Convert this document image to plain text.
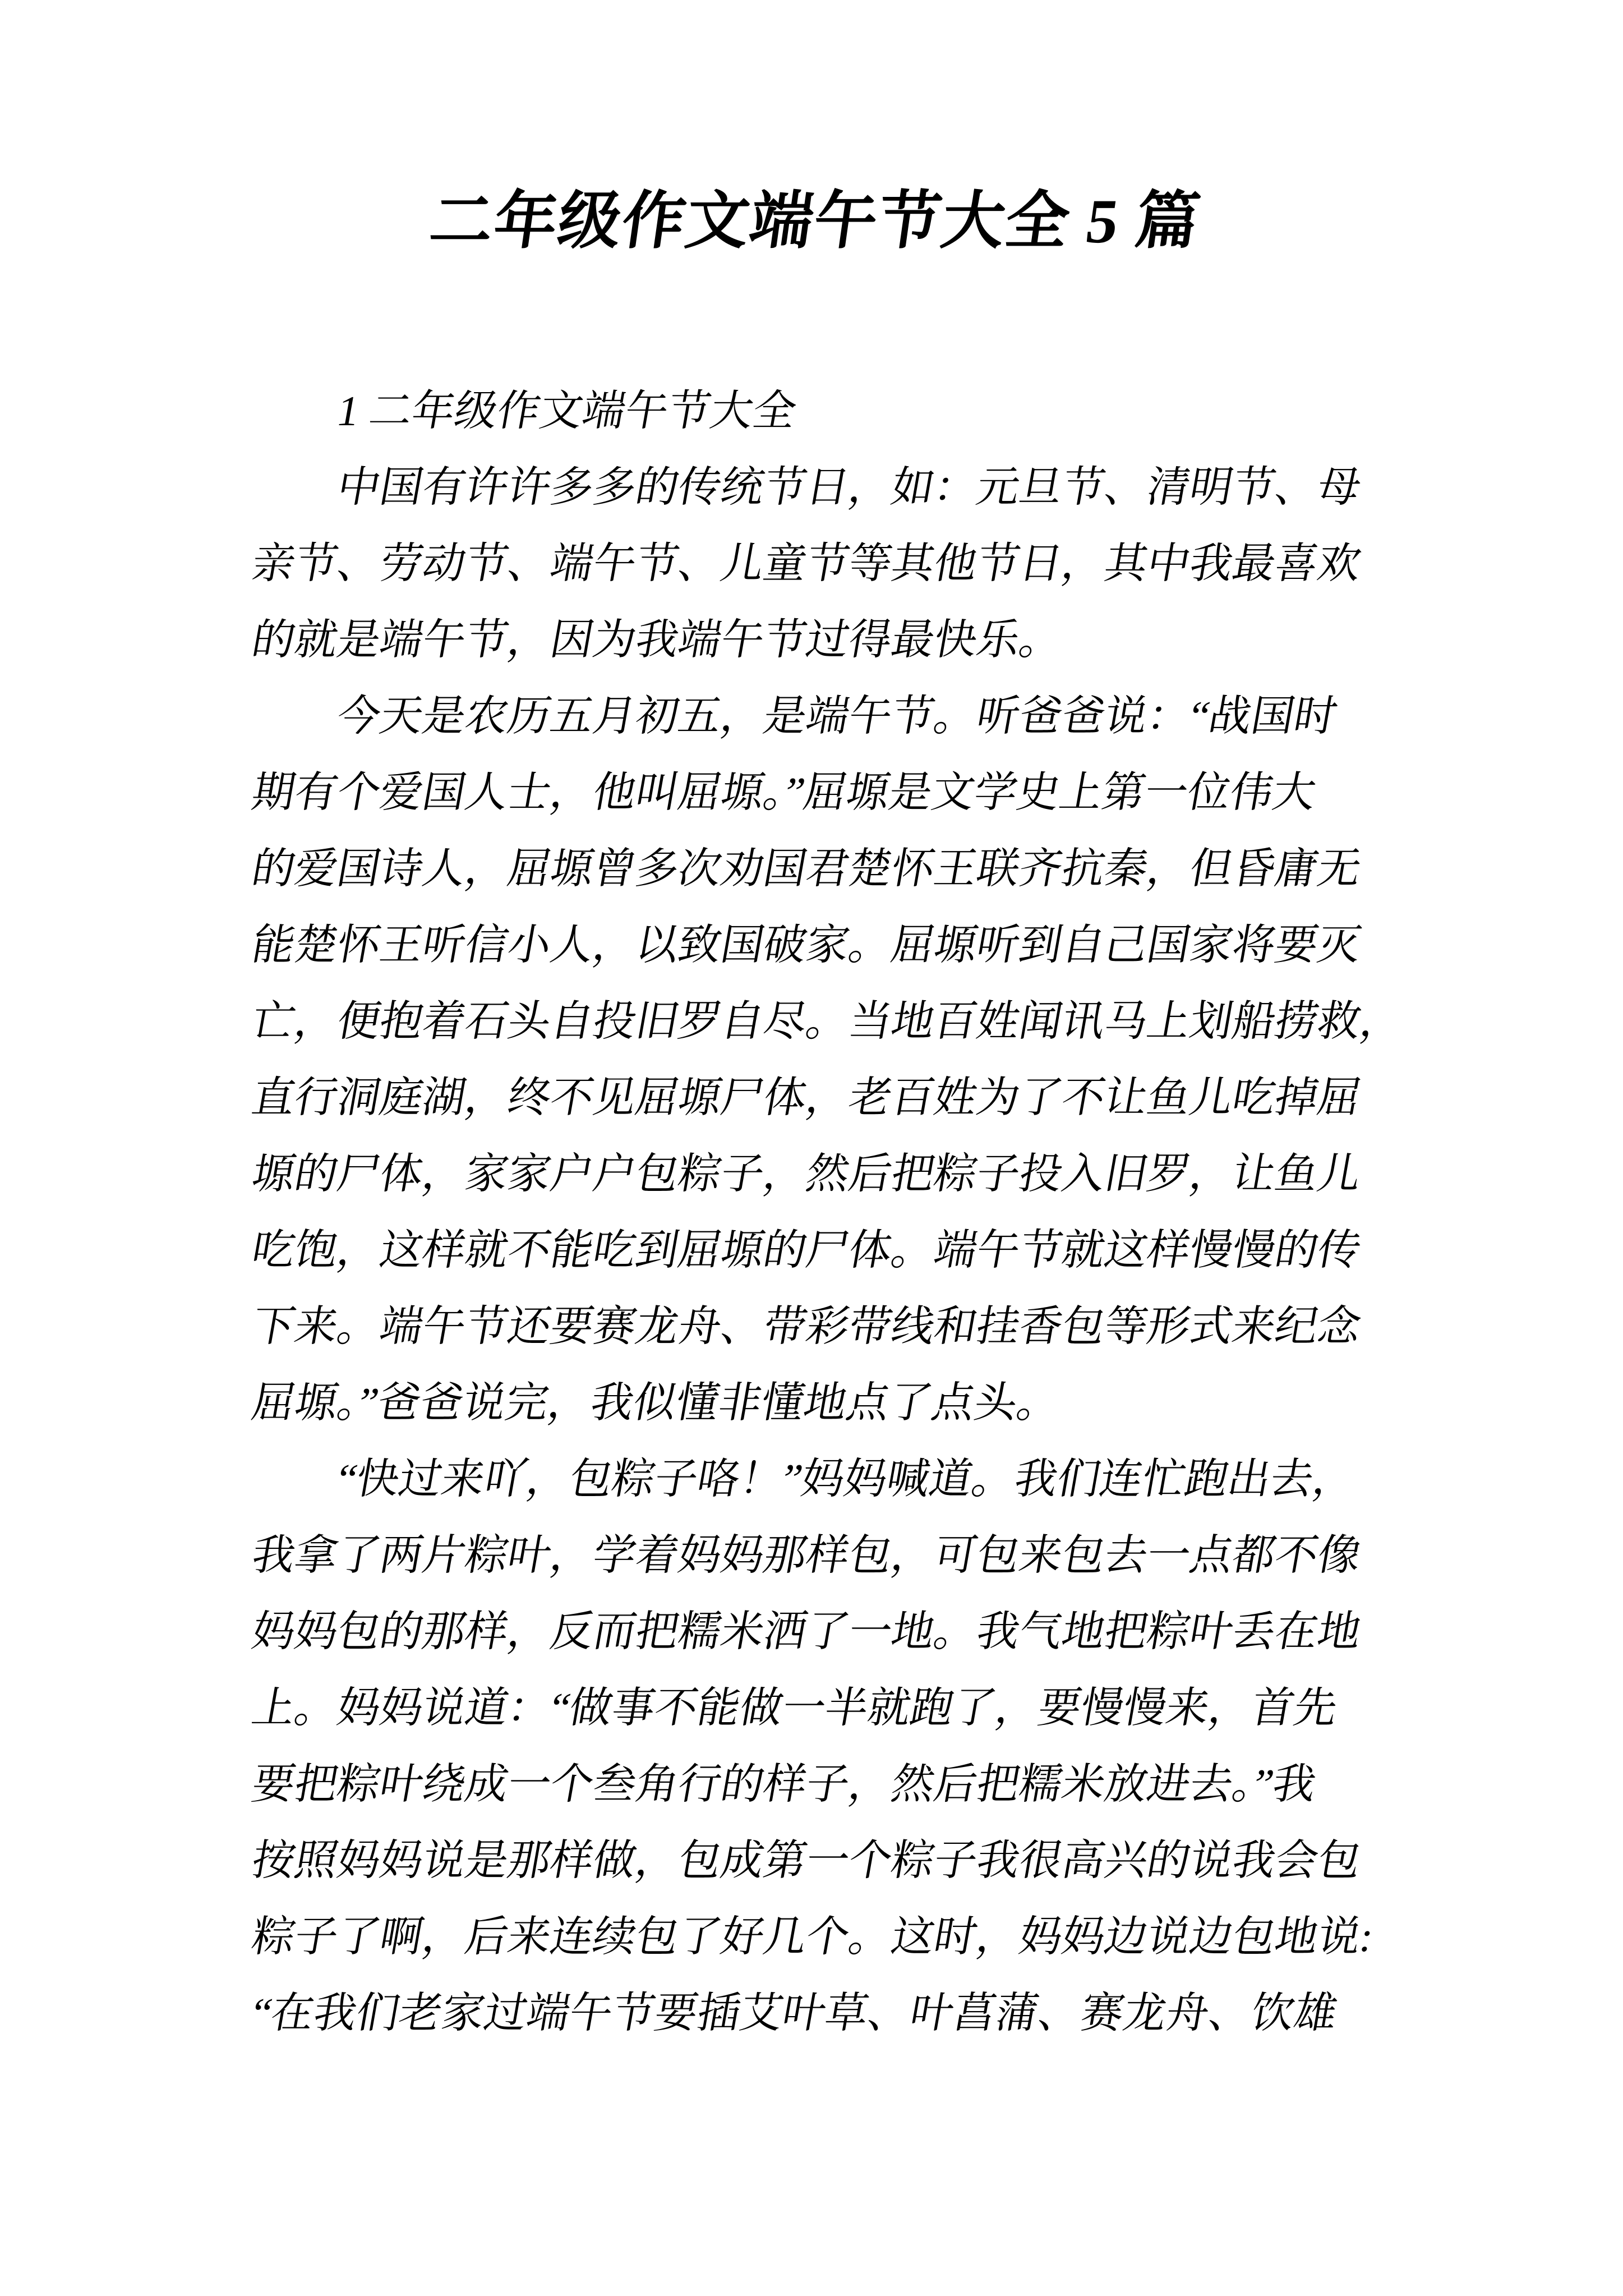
二年级作文端午节大全 5 篇
1 二年级作文端午节大全
中国有许许多多的传统节日，如：元旦节、清明节、母
亲节、劳动节、端午节、儿童节等其他节日，其中我最喜欢
的就是端午节，因为我端午节过得最快乐。
今天是农历五月初五，是端午节。听爸爸说：“战国时
期有个爱国人士，他叫屈塬。”屈塬是文学史上第一位伟大
的爱国诗人，屈塬曾多次劝国君楚怀王联齐抗秦，但昏庸无
能楚怀王听信小人，以致国破家。屈塬听到自己国家将要灭
亡，便抱着石头自投旧罗自尽。当地百姓闻讯马上划船捞救，
直行洞庭湖，终不见屈塬尸体，老百姓为了不让鱼儿吃掉屈
塬的尸体，家家户户包粽子，然后把粽子投入旧罗，让鱼儿
吃饱，这样就不能吃到屈塬的尸体。端午节就这样慢慢的传
下来。端午节还要赛龙舟、带彩带线和挂香包等形式来纪念
屈塬。”爸爸说完，我似懂非懂地点了点头。
“快过来吖，包粽子咯！”妈妈喊道。我们连忙跑出去，
我拿了两片粽叶，学着妈妈那样包，可包来包去一点都不像
妈妈包的那样，反而把糯米洒了一地。我气地把粽叶丢在地
上。妈妈说道：“做事不能做一半就跑了，要慢慢来，首先
要把粽叶绕成一个叁角行的样子，然后把糯米放进去。”我
按照妈妈说是那样做，包成第一个粽子我很高兴的说我会包
粽子了啊，后来连续包了好几个。这时，妈妈边说边包地说:
“在我们老家过端午节要插艾叶草、叶菖蒲、赛龙舟、饮雄
